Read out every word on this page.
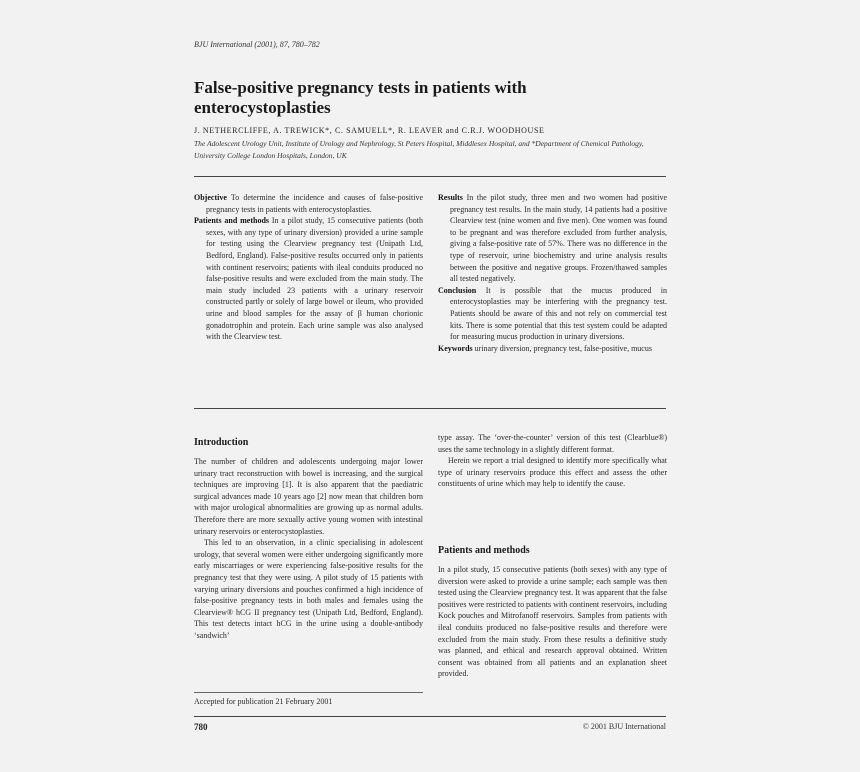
BJU International (2001), 87, 780–782
False-positive pregnancy tests in patients with enterocystoplasties
J. NETHERCLIFFE, A. TREWICK*, C. SAMUELL*, R. LEAVER and C.R.J. WOODHOUSE
The Adolescent Urology Unit, Institute of Urology and Nephrology, St Peters Hospital, Middlesex Hospital, and *Department of Chemical Pathology, University College London Hospitals, London, UK

Objective To determine the incidence and causes of false-positive pregnancy tests in patients with enterocystoplasties.

Patients and methods In a pilot study, 15 consecutive patients (both sexes, with any type of urinary diversion) provided a urine sample for testing using the Clearview pregnancy test (Unipath Ltd, Bedford, England). False-positive results occurred only in patients with continent reservoirs; patients with ileal conduits produced no false-positive results and were excluded from the main study. The main study included 23 patients with a urinary reservoir constructed partly or solely of large bowel or ileum, who provided urine and blood samples for the assay of β human chorionic gonadotrophin and protein. Each urine sample was also analysed with the Clearview test.

Results In the pilot study, three men and two women had positive pregnancy test results. In the main study, 14 patients had a positive Clearview test (nine women and five men). One women was found to be pregnant and was therefore excluded from further analysis, giving a false-positive rate of 57%. There was no difference in the type of reservoir, urine biochemistry and urine analysis results between the positive and negative groups. Frozen/thawed samples all tested negatively.

Conclusion It is possible that the mucus produced in enterocystoplasties may be interfering with the pregnancy test. Patients should be aware of this and not rely on commercial test kits. There is some potential that this test system could be adapted for measuring mucus production in urinary diversions.

Keywords urinary diversion, pregnancy test, false-positive, mucus

Introduction

The number of children and adolescents undergoing major lower urinary tract reconstruction with bowel is increasing, and the surgical techniques are improving [1]. It is also apparent that the paediatric surgical advances made 10 years ago [2] now mean that children born with major urological abnormalities are growing up as normal adults. Therefore there are more sexually active young women with intestinal urinary reservoirs or enterocystoplasties.

This led to an observation, in a clinic specialising in adolescent urology, that several women were either undergoing significantly more early miscarriages or were experiencing false-positive results for the pregnancy test that they were using. A pilot study of 15 patients with varying urinary diversions and pouches confirmed a high incidence of false-positive pregnancy tests in both males and females using the Clearview® hCG II pregnancy test (Unipath Ltd, Bedford, England). This test detects intact hCG in the urine using a double-antibody ‘sandwich’

type assay. The ‘over-the-counter’ version of this test (Clearblue®) uses the same technology in a slightly different format.

Herein we report a trial designed to identify more specifically what type of urinary reservoirs produce this effect and assess the other constituents of urine which may help to identify the cause.

Patients and methods

In a pilot study, 15 consecutive patients (both sexes) with any type of diversion were asked to provide a urine sample; each sample was then tested using the Clearview pregnancy test. It was apparent that the false positives were restricted to patients with continent reservoirs, including Kock pouches and Mitrofanoff reservoirs. Samples from patients with ileal conduits produced no false-positive results and therefore were excluded from the main study. From these results a definitive study was planned, and ethical and research approval obtained. Written consent was obtained from all patients and an explanation sheet provided.

Accepted for publication 21 February 2001
780	© 2001 BJU International
